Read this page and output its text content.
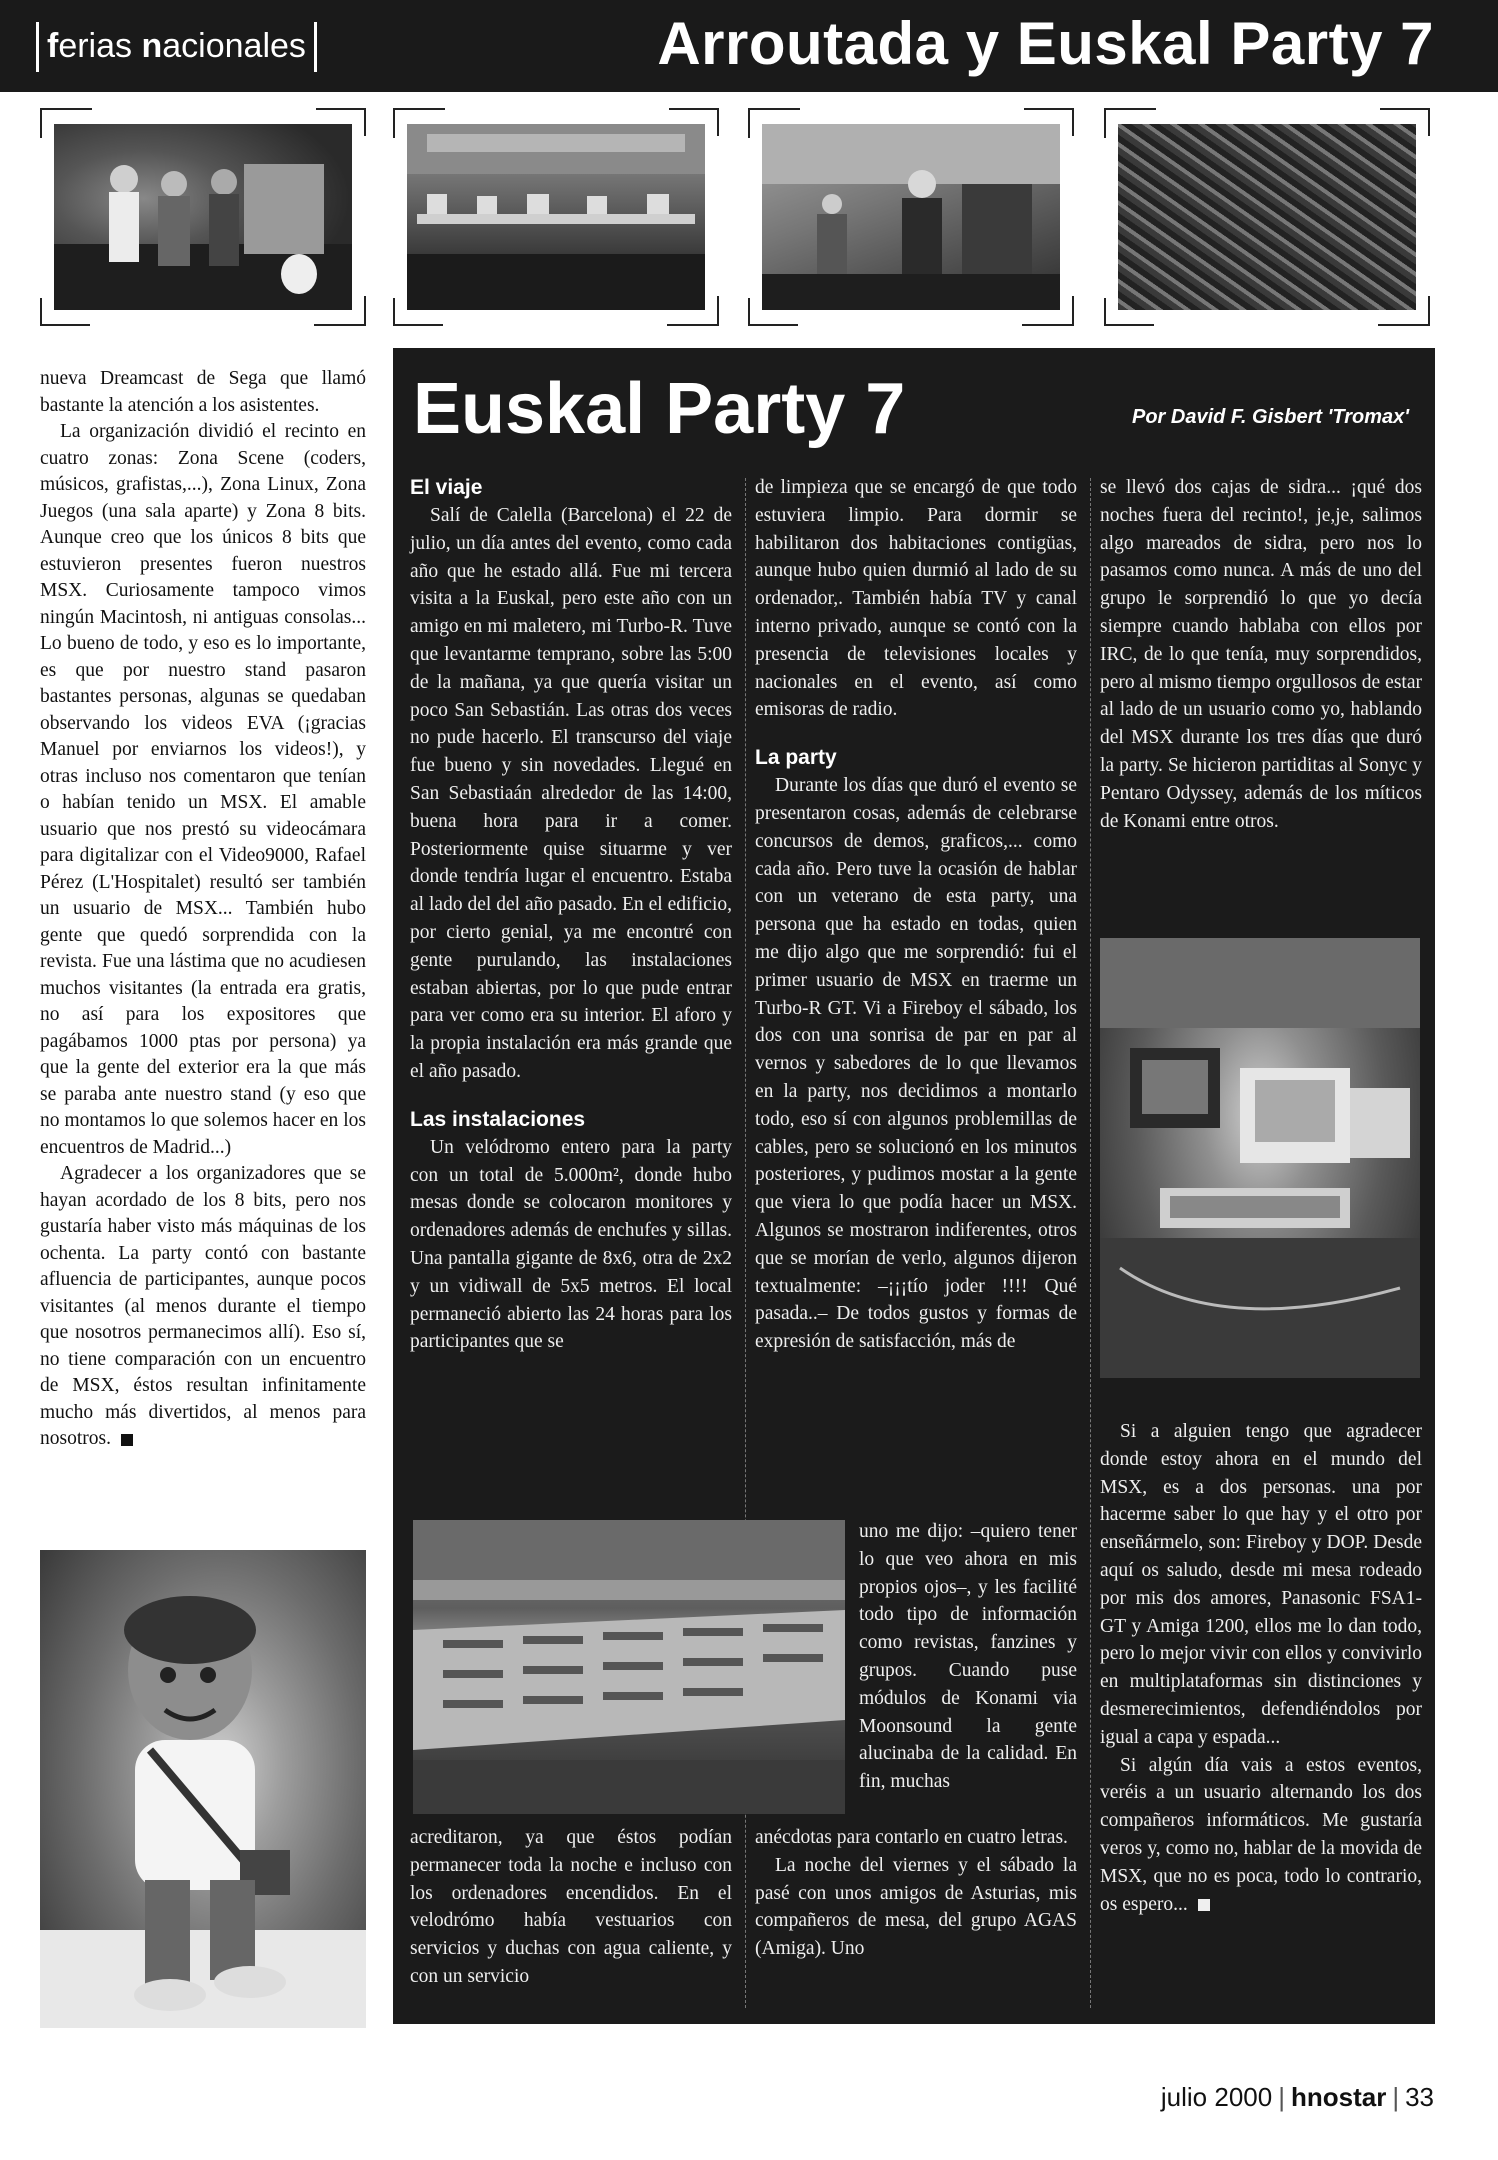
ferias nacionales	Arroutada y Euskal Party 7

nueva Dreamcast de Sega que llamó bastante la atención a los asistentes.

La organización dividió el recinto en cuatro zonas: Zona Scene (coders, músicos, grafistas,...), Zona Linux, Zona Juegos (una sala aparte) y Zona 8 bits. Aunque creo que los únicos 8 bits que estuvieron presentes fueron nuestros MSX. Curiosamente tampoco vimos ningún Macintosh, ni antiguas consolas... Lo bueno de todo, y eso es lo importante, es que por nuestro stand pasaron bastantes personas, algunas se quedaban observando los videos EVA (¡gracias Manuel por enviarnos los videos!), y otras incluso nos comentaron que tenían o habían tenido un MSX. El amable usuario que nos prestó su videocámara para digitalizar con el Video9000, Rafael Pérez (L'Hospitalet) resultó ser también un usuario de MSX... También hubo gente que quedó sorprendida con la revista. Fue una lástima que no acudiesen muchos visitantes (la entrada era gratis, no así para los expositores que pagábamos 1000 ptas por persona) ya que la gente del exterior era la que más se paraba ante nuestro stand (y eso que no montamos lo que solemos hacer en los encuentros de Madrid...)

Agradecer a los organizadores que se hayan acordado de los 8 bits, pero nos gustaría haber visto más máquinas de los ochenta. La party contó con bastante afluencia de participantes, aunque pocos visitantes (al menos durante el tiempo que nosotros permanecimos allí). Eso sí, no tiene comparación con un encuentro de MSX, éstos resultan infinitamente mucho más divertidos, al menos para nosotros.

Euskal Party 7	Por David F. Gisbert 'Tromax'
El viaje

Salí de Calella (Barcelona) el 22 de julio, un día antes del evento, como cada año que he estado allá. Fue mi tercera visita a la Euskal, pero este año con un amigo en mi maletero, mi Turbo-R. Tuve que levantarme temprano, sobre las 5:00 de la mañana, ya que quería visitar un poco San Sebastián. Las otras dos veces no pude hacerlo. El transcurso del viaje fue bueno y sin novedades. Llegué en San Sebastiaán alrededor de las 14:00, buena hora para ir a comer. Posteriormente quise situarme y ver donde tendría lugar el encuentro. Estaba al lado del del año pasado. En el edificio, por cierto genial, ya me encontré con gente purulando, las instalaciones estaban abiertas, por lo que pude entrar para ver como era su interior. El aforo y la propia instalación era más grande que el año pasado.

Las instalaciones

Un velódromo entero para la party con un total de 5.000m², donde hubo mesas donde se colocaron monitores y ordenadores además de enchufes y sillas. Una pantalla gigante de 8x6, otra de 2x2 y un vidiwall de 5x5 metros. El local permaneció abierto las 24 horas para los participantes que se

acreditaron, ya que éstos podían permanecer toda la noche e incluso con los ordenadores encendidos. En el velodrómo había vestuarios con servicios y duchas con agua caliente, y con un servicio

de limpieza que se encargó de que todo estuviera limpio. Para dormir se habilitaron dos habitaciones contigüas, aunque hubo quien durmió al lado de su ordenador,. También había TV y canal interno privado, aunque se contó con la presencia de televisiones locales y nacionales en el evento, así como emisoras de radio.

La party

Durante los días que duró el evento se presentaron cosas, además de celebrarse concursos de demos, graficos,... como cada año. Pero tuve la ocasión de hablar con un veterano de esta party, una persona que ha estado en todas, quien me dijo algo que me sorprendió: fui el primer usuario de MSX en traerme un Turbo-R GT. Vi a Fireboy el sábado, los dos con una sonrisa de par en par al vernos y sabedores de lo que llevamos en la party, nos decidimos a montarlo todo, eso sí con algunos problemillas de cables, pero se solucionó en los minutos posteriores, y pudimos mostar a la gente que viera lo que podía hacer un MSX. Algunos se mostraron indiferentes, otros que se morían de verlo, algunos dijeron textualmente: –¡¡¡tío joder !!!! Qué pasada..– De todos gustos y formas de expresión de satisfacción, más de

uno me dijo: –quiero tener lo que veo ahora en mis propios ojos–, y les facilité todo tipo de información como revistas, fanzines y grupos. Cuando puse módulos de Konami via Moonsound la gente alucinaba de la calidad. En fin, muchas

anécdotas para contarlo en cuatro letras.

La noche del viernes y el sábado la pasé con unos amigos de Asturias, mis compañeros de mesa, del grupo AGAS (Amiga). Uno

se llevó dos cajas de sidra... ¡qué dos noches fuera del recinto!, je,je, salimos algo mareados de sidra, pero nos lo pasamos como nunca. A más de uno del grupo le sorprendió lo que yo decía siempre cuando hablaba con ellos por IRC, de lo que tenía, muy sorprendidos, pero al mismo tiempo orgullosos de estar al lado de un usuario como yo, hablando del MSX durante los tres días que duró la party. Se hicieron partiditas al Sonyc y Pentaro Odyssey, además de los míticos de Konami entre otros.

Si a alguien tengo que agradecer donde estoy ahora en el mundo del MSX, es a dos personas. una por hacerme saber lo que hay y el otro por enseñármelo, son: Fireboy y DOP. Desde aquí os saludo, desde mi mesa rodeado por mis dos amores, Panasonic FSA1-GT y Amiga 1200, ellos me lo dan todo, pero lo mejor vivir con ellos y convivirlo en multiplataformas sin distinciones y desmerecimientos, defendiéndolos por igual a capa y espada...

Si algún día vais a estos eventos, veréis a un usuario alternando los dos compañeros informáticos. Me gustaría veros y, como no, hablar de la movida de MSX, que no es poca, todo lo contrario, os espero...

julio 2000 | hnostar | 33
